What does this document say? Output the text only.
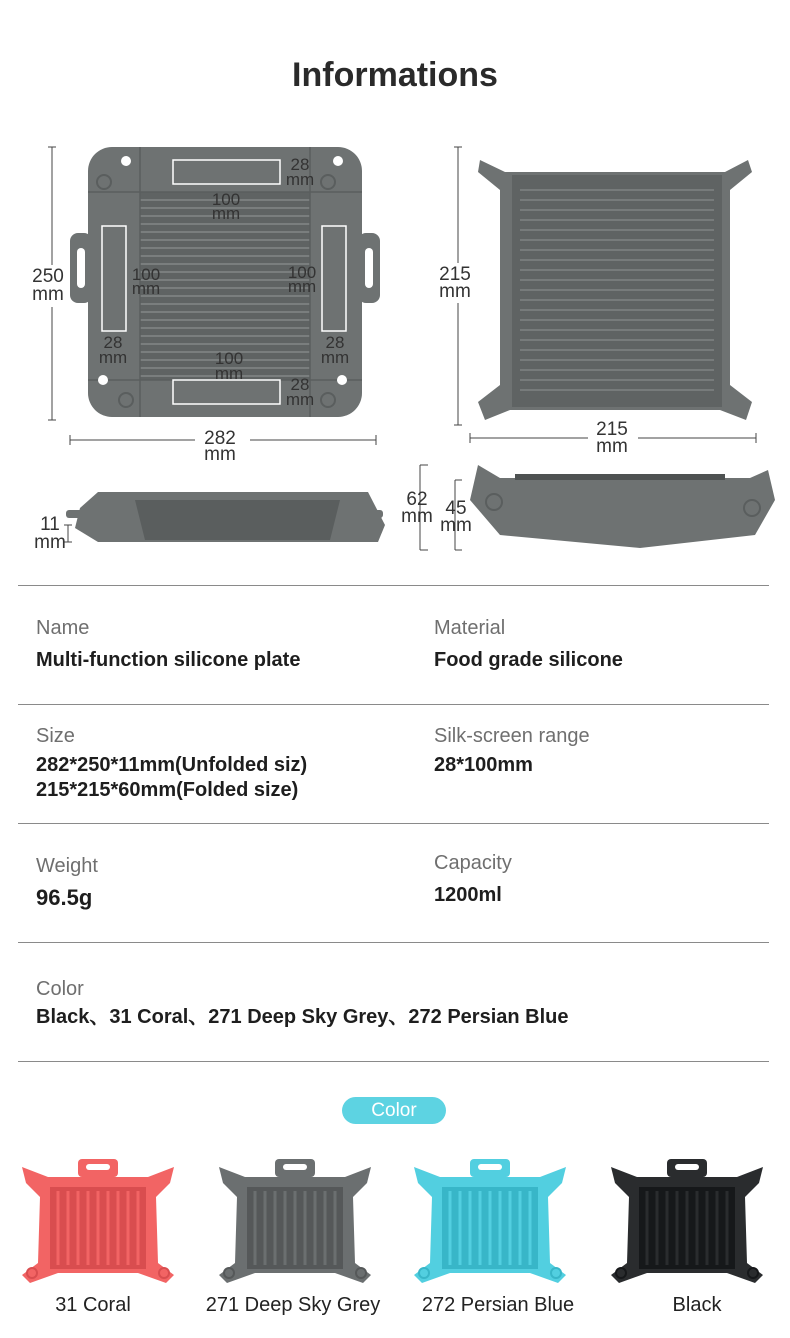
Informations
250
mm
282
mm
28
mm
100
mm
100
mm
100
mm
28
mm
28
mm
100
mm
28
mm
215
mm
215
mm
11
mm
62
mm 45
mm
Name
Multi-function silicone plate
Material
Food grade silicone
Size
282*250*11mm(Unfolded siz)
215*215*60mm(Folded size)
Silk-screen range
28*100mm
Weight
96.5g
Capacity
1200ml
Color
Black、31 Coral、271 Deep Sky Grey、272 Persian Blue
Color
31 Coral	271 Deep Sky Grey	272 Persian Blue	Black
